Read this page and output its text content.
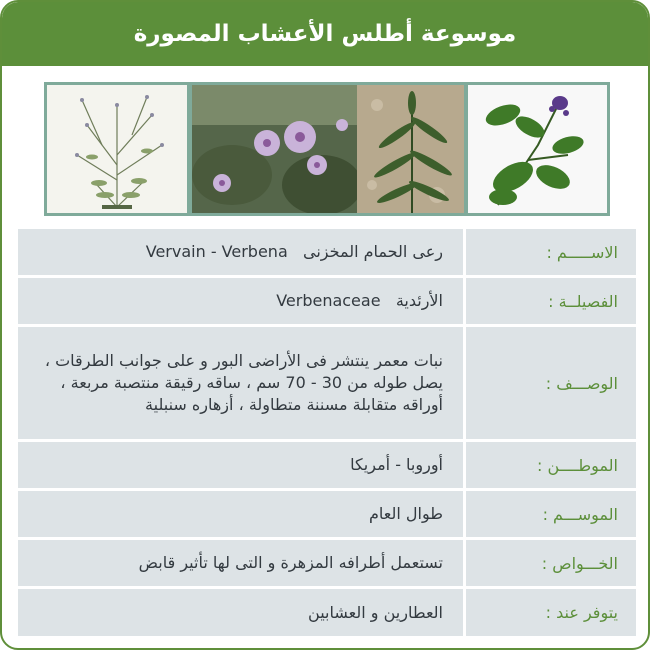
موسوعة أطلس الأعشاب المصورة
الاســـــم :
رعى الحمام المخزنى

Vervain - Verbena
الفصيلــة :
الأرئدية

Verbenaceae
الوصـــف :
نبات معمر ينتشر فى الأراضى البور و على جوانب الطرقات ، يصل طوله من 30 - 70 سم ، ساقه رقيقة منتصبة مربعة ، أوراقه متقابلة مسننة متطاولة ، أزهاره سنبلية
الموطــــن :
أوروبا - أمريكا
الموســـم :
طوال العام
الخـــواص :
تستعمل أطرافه المزهرة و التى لها تأثير قابض
يتوفر عند :
العطارين و العشابين
